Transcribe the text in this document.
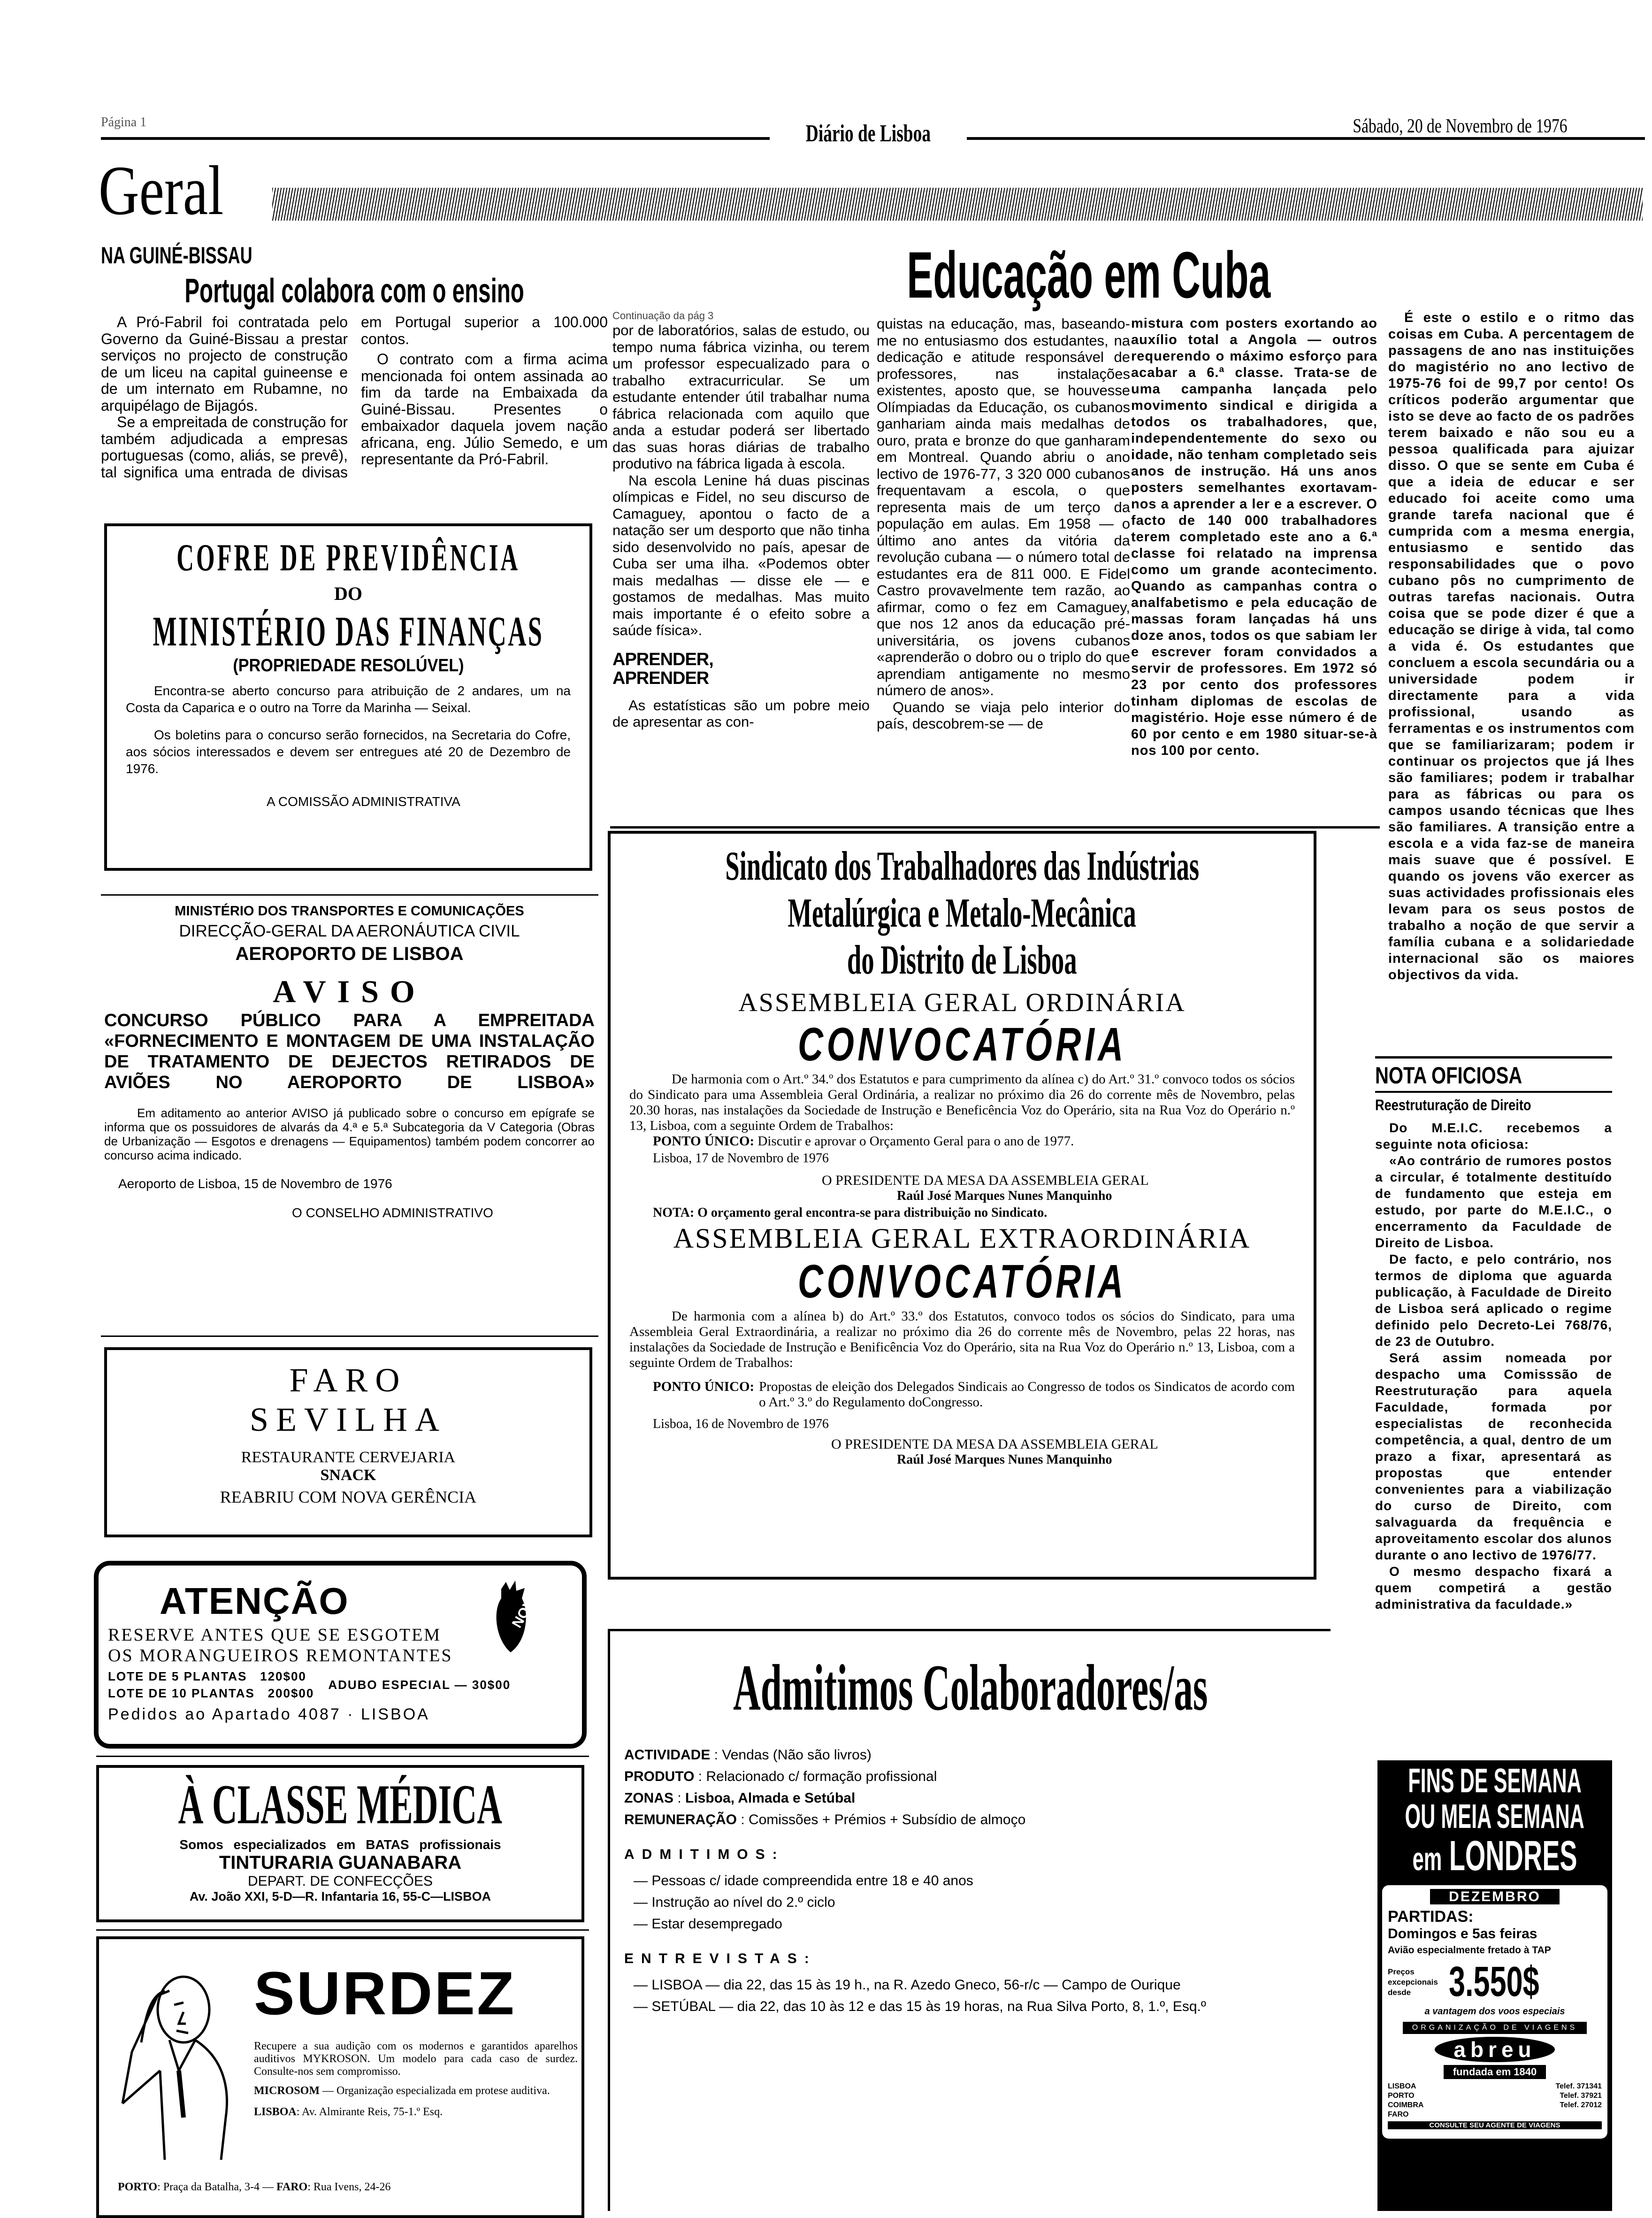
Página 1	Diário de Lisboa	Sábado, 20 de Novembro de 1976
Geral
NA GUINÉ-BISSAU
Portugal colabora com o ensino

A Pró-Fabril foi contratada pelo Governo da Guiné-Bissau a prestar serviços no projecto de construção de um liceu na capital guineense e de um internato em Rubamne, no arquipélago de Bijagós.

Se a empreitada de construção for também adjudicada a empresas portuguesas (como, aliás, se prevê), tal significa uma entrada de divisas em Portugal superior a 100.000 contos.

O contrato com a firma acima mencionada foi ontem assinada ao fim da tarde na Embaixada da Guiné-Bissau. Presentes o embaixador daquela jovem nação africana, eng. Júlio Semedo, e um representante da Pró-Fabril.

Educação em Cuba
Continuação da pág 3

por de laboratórios, salas de estudo, ou tempo numa fábrica vizinha, ou terem um professor especualizado para o trabalho extracurricular. Se um estudante entender útil trabalhar numa fábrica relacionada com aquilo que anda a estudar poderá ser libertado das suas horas diárias de trabalho produtivo na fábrica ligada à escola.

Na escola Lenine há duas piscinas olímpicas e Fidel, no seu discurso de Camaguey, apontou o facto de a natação ser um desporto que não tinha sido desenvolvido no país, apesar de Cuba ser uma ilha. «Podemos obter mais medalhas — disse ele — e gostamos de medalhas. Mas muito mais importante é o efeito sobre a saúde física».

APRENDER, APRENDER

As estatísticas são um pobre meio de apresentar as con-

quistas na educação, mas, baseando-me no entusiasmo dos estudantes, na dedicação e atitude responsável de professores, nas instalações existentes, aposto que, se houvesse Olímpiadas da Educação, os cubanos ganhariam ainda mais medalhas de ouro, prata e bronze do que ganharam em Montreal. Quando abriu o ano lectivo de 1976-77, 3 320 000 cubanos frequentavam a escola, o que representa mais de um terço da população em aulas. Em 1958 — o último ano antes da vitória da revolução cubana — o número total de estudantes era de 811 000. E Fidel Castro provavelmente tem razão, ao afirmar, como o fez em Camaguey, que nos 12 anos da educação pré-universitária, os jovens cubanos «aprenderão o dobro ou o triplo do que aprendiam antigamente no mesmo número de anos».

Quando se viaja pelo interior do país, descobrem-se — de

mistura com posters exortando ao auxílio total a Angola — outros requerendo o máximo esforço para acabar a 6.ª classe. Trata-se de uma campanha lançada pelo movimento sindical e dirigida a todos os trabalhadores, que, independentemente do sexo ou idade, não tenham completado seis anos de instrução. Há uns anos posters semelhantes exortavam-nos a aprender a ler e a escrever. O facto de 140 000 trabalhadores terem completado este ano a 6.ª classe foi relatado na imprensa como um grande acontecimento. Quando as campanhas contra o analfabetismo e pela educação de massas foram lançadas há uns doze anos, todos os que sabiam ler e escrever foram convidados a servir de professores. Em 1972 só 23 por cento dos professores tinham diplomas de escolas de magistério. Hoje esse número é de 60 por cento e em 1980 situar-se-à nos 100 por cento.

É este o estilo e o ritmo das coisas em Cuba. A percentagem de passagens de ano nas instituições do magistério no ano lectivo de 1975-76 foi de 99,7 por cento! Os críticos poderão argumentar que isto se deve ao facto de os padrões terem baixado e não sou eu a pessoa qualificada para ajuizar disso. O que se sente em Cuba é que a ideia de educar e ser educado foi aceite como uma grande tarefa nacional que é cumprida com a mesma energia, entusiasmo e sentido das responsabilidades que o povo cubano pôs no cumprimento de outras tarefas nacionais. Outra coisa que se pode dizer é que a educação se dirige à vida, tal como a vida é. Os estudantes que concluem a escola secundária ou a universidade podem ir directamente para a vida profissional, usando as ferramentas e os instrumentos com que se familiarizaram; podem ir continuar os projectos que já lhes são familiares; podem ir trabalhar para as fábricas ou para os campos usando técnicas que lhes são familiares. A transição entre a escola e a vida faz-se de maneira mais suave que é possível. E quando os jovens vão exercer as suas actividades profissionais eles levam para os seus postos de trabalho a noção de que servir a família cubana e a solidariedade internacional são os maiores objectivos da vida.

COFRE DE PREVIDÊNCIA
DO
MINISTÉRIO DAS FINANÇAS
(PROPRIEDADE RESOLÚVEL)

Encontra-se aberto concurso para atribuição de 2 andares, um na Costa da Caparica e o outro na Torre da Marinha — Seixal.

Os boletins para o concurso serão fornecidos, na Secretaria do Cofre, aos sócios interessados e devem ser entregues até 20 de Dezembro de 1976.

A COMISSÃO ADMINISTRATIVA
MINISTÉRIO DOS TRANSPORTES E COMUNICAÇÕES
DIRECÇÃO-GERAL DA AERONÁUTICA CIVIL
AEROPORTO DE LISBOA
AVISO

CONCURSO PÚBLICO PARA A EMPREITADA «FORNECIMENTO E MONTAGEM DE UMA INSTALAÇÃO DE TRATAMENTO DE DEJECTOS RETIRADOS DE AVIÕES NO AEROPORTO DE LISBOA»

Em aditamento ao anterior AVISO já publicado sobre o concurso em epígrafe se informa que os possuidores de alvarás da 4.ª e 5.ª Subcategoria da V Categoria (Obras de Urbanização — Esgotos e drenagens — Equipamentos) também podem concorrer ao concurso acima indicado.

Aeroporto de Lisboa, 15 de Novembro de 1976
O CONSELHO ADMINISTRATIVO
FARO
SEVILHA
RESTAURANTE CERVEJARIA
SNACK
REABRIU COM NOVA GERÊNCIA
ATENÇÃO	NOVO
RESERVE ANTES QUE SE ESGOTEM
OS MORANGUEIROS REMONTANTES
LOTE DE 5 PLANTAS 120$00
LOTE DE 10 PLANTAS 200$00
ADUBO ESPECIAL — 30$00
Pedidos ao Apartado 4087 · LISBOA
À CLASSE MÉDICA
Somos especializados em BATAS profissionais
TINTURARIA GUANABARA
DEPART. DE CONFECÇÕES
Av. João XXI, 5-D—R. Infantaria 16, 55-C—LISBOA
SURDEZ

Recupere a sua audição com os modernos e garantidos aparelhos auditivos MYKROSON. Um modelo para cada caso de surdez. Consulte-nos sem compromisso.

MICROSOM — Organização especializada em protese auditiva.

LISBOA: Av. Almirante Reis, 75-1.º Esq.

PORTO: Praça da Batalha, 3-4 — FARO: Rua Ivens, 24-26
Sindicato dos Trabalhadores das Indústrias
Metalúrgica e Metalo-Mecânica
do Distrito de Lisboa
ASSEMBLEIA GERAL ORDINÁRIA
CONVOCATÓRIA

De harmonia com o Art.º 34.º dos Estatutos e para cumprimento da alínea c) do Art.º 31.º convoco todos os sócios do Sindicato para uma Assembleia Geral Ordinária, a realizar no próximo dia 26 do corrente mês de Novembro, pelas 20.30 horas, nas instalações da Sociedade de Instrução e Beneficência Voz do Operário, sita na Rua Voz do Operário n.º 13, Lisboa, com a seguinte Ordem de Trabalhos:

PONTO ÚNICO: Discutir e aprovar o Orçamento Geral para o ano de 1977.

Lisboa, 17 de Novembro de 1976
O PRESIDENTE DA MESA DA ASSEMBLEIA GERAL
Raúl José Marques Nunes Manquinho
NOTA: O orçamento geral encontra-se para distribuição no Sindicato.
ASSEMBLEIA GERAL EXTRAORDINÁRIA
CONVOCATÓRIA

De harmonia com a alínea b) do Art.º 33.º dos Estatutos, convoco todos os sócios do Sindicato, para uma Assembleia Geral Extraordinária, a realizar no próximo dia 26 do corrente mês de Novembro, pelas 22 horas, nas instalações da Sociedade de Instrução e Benificência Voz do Operário, sita na Rua Voz do Operário n.º 13, Lisboa, com a seguinte Ordem de Trabalhos:

PONTO ÚNICO: Propostas de eleição dos Delegados Sindicais ao Congresso de todos os Sindicatos de acordo com o Art.º 3.º do Regulamento doCongresso.

Lisboa, 16 de Novembro de 1976
O PRESIDENTE DA MESA DA ASSEMBLEIA GERAL
Raúl José Marques Nunes Manquinho
Admitimos Colaboradores/as
ACTIVIDADE : Vendas (Não são livros)
PRODUTO : Relacionado c/ formação profissional
ZONAS : Lisboa, Almada e Setúbal
REMUNERAÇÃO : Comissões + Prémios + Subsídio de almoço
ADMITIMOS:
— Pessoas c/ idade compreendida entre 18 e 40 anos
— Instrução ao nível do 2.º ciclo
— Estar desempregado
ENTREVISTAS:
— LISBOA — dia 22, das 15 às 19 h., na R. Azedo Gneco, 56-r/c — Campo de Ourique

— SETÚBAL — dia 22, das 10 às 12 e das 15 às 19 horas, na Rua Silva Porto, 8, 1.º, Esq.º

NOTA OFICIOSA
Reestruturação de Direito

Do M.E.I.C. recebemos a seguinte nota oficiosa:

«Ao contrário de rumores postos a circular, é totalmente destituído de fundamento que esteja em estudo, por parte do M.E.I.C., o encerramento da Faculdade de Direito de Lisboa.

De facto, e pelo contrário, nos termos de diploma que aguarda publicação, à Faculdade de Direito de Lisboa será aplicado o regime definido pelo Decreto-Lei 768/76, de 23 de Outubro.

Será assim nomeada por despacho uma Comisssão de Reestruturação para aquela Faculdade, formada por especialistas de reconhecida competência, a qual, dentro de um prazo a fixar, apresentará as propostas que entender convenientes para a viabilização do curso de Direito, com salvaguarda da frequência e aproveitamento escolar dos alunos durante o ano lectivo de 1976/77.

O mesmo despacho fixará a quem competirá a gestão administrativa da faculdade.»

FINS DE SEMANA
OU MEIA SEMANA
em LONDRES
DEZEMBRO
PARTIDAS:
Domingos e 5as feiras
Avião especialmente fretado à TAP
Preços excepcionais desde 3.550$
a vantagem dos voos especiais
ORGANIZAÇÃO DE VIAGENS
abreu
fundada em 1840
LISBOA	Telef. 371341
PORTO	Telef. 37921
COIMBRA	Telef. 27012
FARO
CONSULTE SEU AGENTE DE VIAGENS
